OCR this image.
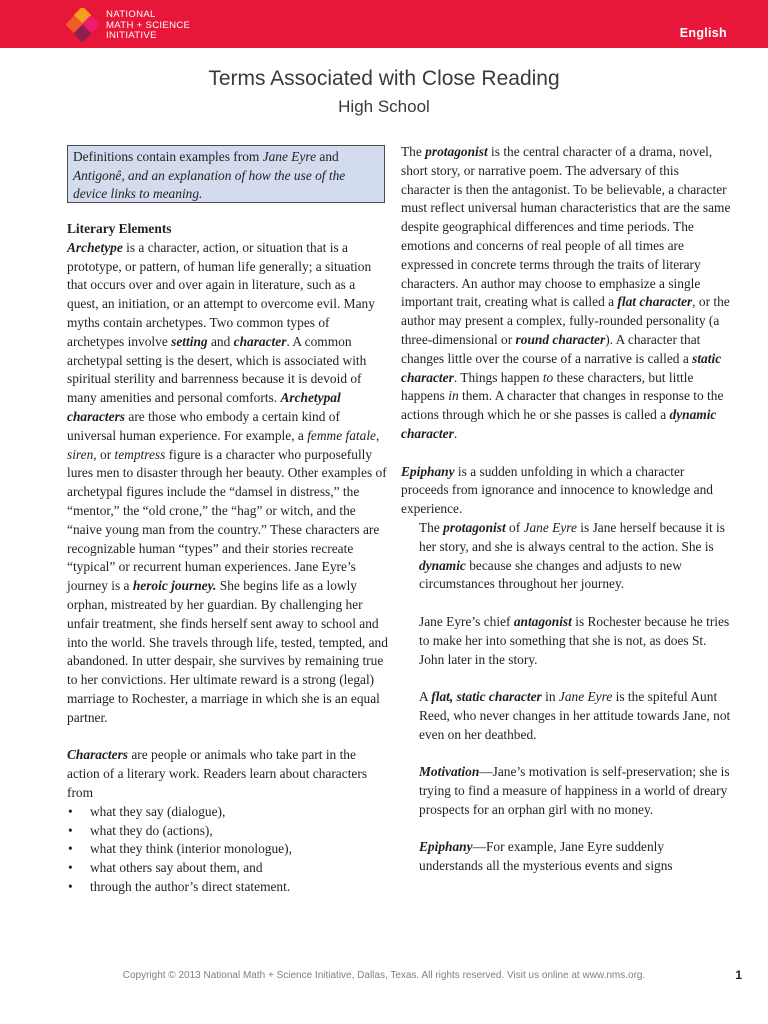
NATIONAL
MATH + SCIENCE
INITIATIVE	English
Terms Associated with Close Reading
High School
Definitions contain examples from Jane Eyre and Antigonê, and an explanation of how the use of the device links to meaning.
Literary Elements

Archetype is a character, action, or situation that is a prototype, or pattern, of human life generally; a situation that occurs over and over again in literature, such as a quest, an initiation, or an attempt to overcome evil. Many myths contain archetypes. Two common types of archetypes involve setting and character. A common archetypal setting is the desert, which is associated with spiritual sterility and barrenness because it is devoid of many amenities and personal comforts. Archetypal characters are those who embody a certain kind of universal human experience. For example, a femme fatale, siren, or temptress figure is a character who purposefully lures men to disaster through her beauty. Other examples of archetypal figures include the “damsel in distress,” the “mentor,” the “old crone,” the “hag” or witch, and the “naive young man from the country.” These characters are recognizable human “types” and their stories recreate “typical” or recurrent human experiences. Jane Eyre’s journey is a heroic journey. She begins life as a lowly orphan, mistreated by her guardian. By challenging her unfair treatment, she finds herself sent away to school and into the world. She travels through life, tested, tempted, and abandoned. In utter despair, she survives by remaining true to her convictions. Her ultimate reward is a strong (legal) marriage to Rochester, a marriage in which she is an equal partner.

Characters are people or animals who take part in the action of a literary work. Readers learn about characters from

• what they say (dialogue),
• what they do (actions),
• what they think (interior monologue),
• what others say about them, and
• through the author’s direct statement.

The protagonist is the central character of a drama, novel, short story, or narrative poem. The adversary of this character is then the antagonist. To be believable, a character must reflect universal human characteristics that are the same despite geographical differences and time periods. The emotions and concerns of real people of all times are expressed in concrete terms through the traits of literary characters. An author may choose to emphasize a single important trait, creating what is called a flat character, or the author may present a complex, fully-rounded personality (a three-dimensional or round character). A character that changes little over the course of a narrative is called a static character. Things happen to these characters, but little happens in them. A character that changes in response to the actions through which he or she passes is called a dynamic character.

Epiphany is a sudden unfolding in which a character proceeds from ignorance and innocence to knowledge and experience.

The protagonist of Jane Eyre is Jane herself because it is her story, and she is always central to the action. She is dynamic because she changes and adjusts to new circumstances throughout her journey.

Jane Eyre’s chief antagonist is Rochester because he tries to make her into something that she is not, as does St. John later in the story.

A flat, static character in Jane Eyre is the spiteful Aunt Reed, who never changes in her attitude towards Jane, not even on her deathbed.

Motivation—Jane’s motivation is self-preservation; she is trying to find a measure of happiness in a world of dreary prospects for an orphan girl with no money.

Epiphany—For example, Jane Eyre suddenly understands all the mysterious events and signs

Copyright © 2013 National Math + Science Initiative, Dallas, Texas. All rights reserved. Visit us online at www.nms.org.	1
